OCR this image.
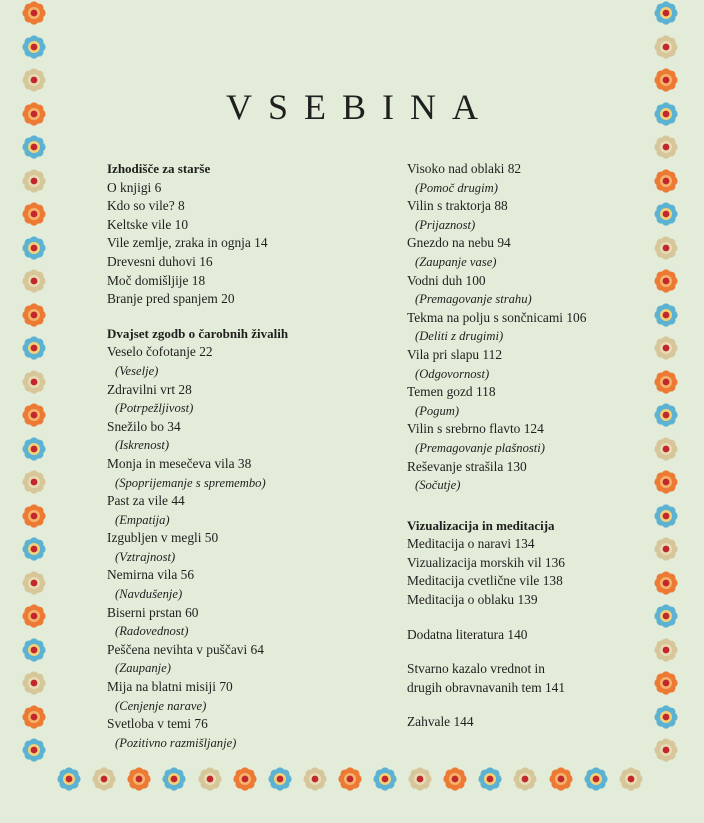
VSEBINA
Izhodišče za starše
O knjigi 6
Kdo so vile? 8
Keltske vile 10
Vile zemlje, zraka in ognja 14
Drevesni duhovi 16
Moč domišljije 18
Branje pred spanjem 20
Dvajset zgodb o čarobnih živalih
Veselo čofotanje 22
(Veselje)
Zdravilni vrt 28
(Potrpežljivost)
Snežilo bo 34
(Iskrenost)
Monja in mesečeva vila 38
(Spoprijemanje s spremembo)
Past za vile 44
(Empatija)
Izgubljen v megli 50
(Vztrajnost)
Nemirna vila 56
(Navdušenje)
Biserni prstan 60
(Radovednost)
Peščena nevihta v puščavi 64
(Zaupanje)
Mija na blatni misiji 70
(Cenjenje narave)
Svetloba v temi 76
(Pozitivno razmišljanje)
Visoko nad oblaki 82
(Pomoč drugim)
Vilin s traktorja 88
(Prijaznost)
Gnezdo na nebu 94
(Zaupanje vase)
Vodni duh 100
(Premagovanje strahu)
Tekma na polju s sončnicami 106
(Deliti z drugimi)
Vila pri slapu 112
(Odgovornost)
Temen gozd 118
(Pogum)
Vilin s srebrno flavto 124
(Premagovanje plašnosti)
Reševanje strašila 130
(Sočutje)
Vizualizacija in meditacija
Meditacija o naravi 134
Vizualizacija morskih vil 136
Meditacija cvetlične vile 138
Meditacija o oblaku 139
Dodatna literatura 140
Stvarno kazalo vrednot in
drugih obravnavanih tem 141
Zahvale 144
